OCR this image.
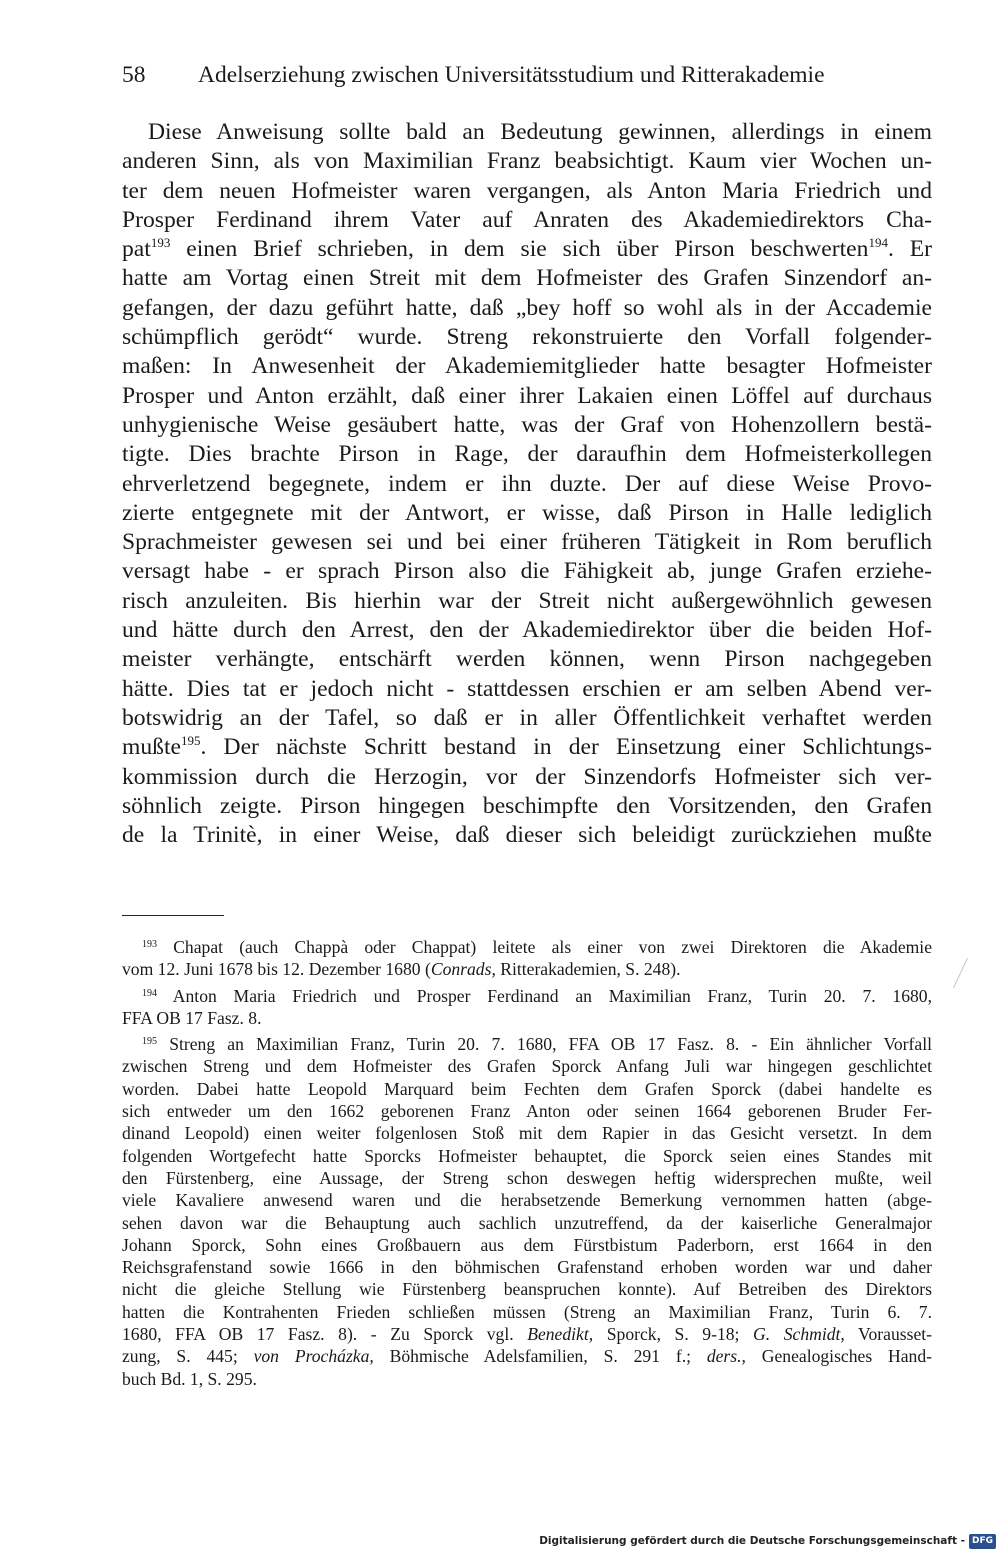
58 Adelserziehung zwischen Universitätsstudium und Ritterakademie
Diese Anweisung sollte bald an Bedeutung gewinnen, allerdings in einem
anderen Sinn, als von Maximilian Franz beabsichtigt. Kaum vier Wochen un-
ter dem neuen Hofmeister waren vergangen, als Anton Maria Friedrich und
Prosper Ferdinand ihrem Vater auf Anraten des Akademiedirektors Cha-
pat$^{193}$ einen Brief schrieben, in dem sie sich über Pirson beschwerten$^{194}$. Er
hatte am Vortag einen Streit mit dem Hofmeister des Grafen Sinzendorf an-
gefangen, der dazu geführt hatte, daß „bey hoff so wohl als in der Accademie
schümpflich gerödt“ wurde. Streng rekonstruierte den Vorfall folgender-
maßen: In Anwesenheit der Akademiemitglieder hatte besagter Hofmeister
Prosper und Anton erzählt, daß einer ihrer Lakaien einen Löffel auf durchaus
unhygienische Weise gesäubert hatte, was der Graf von Hohenzollern bestä-
tigte. Dies brachte Pirson in Rage, der daraufhin dem Hofmeisterkollegen
ehrverletzend begegnete, indem er ihn duzte. Der auf diese Weise Provo-
zierte entgegnete mit der Antwort, er wisse, daß Pirson in Halle lediglich
Sprachmeister gewesen sei und bei einer früheren Tätigkeit in Rom beruflich
versagt habe - er sprach Pirson also die Fähigkeit ab, junge Grafen erziehe-
risch anzuleiten. Bis hierhin war der Streit nicht außergewöhnlich gewesen
und hätte durch den Arrest, den der Akademiedirektor über die beiden Hof-
meister verhängte, entschärft werden können, wenn Pirson nachgegeben
hätte. Dies tat er jedoch nicht - stattdessen erschien er am selben Abend ver-
botswidrig an der Tafel, so daß er in aller Öffentlichkeit verhaftet werden
mußte$^{195}$. Der nächste Schritt bestand in der Einsetzung einer Schlichtungs-
kommission durch die Herzogin, vor der Sinzendorfs Hofmeister sich ver-
söhnlich zeigte. Pirson hingegen beschimpfte den Vorsitzenden, den Grafen
de la Trinitè, in einer Weise, daß dieser sich beleidigt zurückziehen mußte
$^{193}$ Chapat (auch Chappà oder Chappat) leitete als einer von zwei Direktoren die Akademie
vom 12. Juni 1678 bis 12. Dezember 1680 (Conrads, Ritterakademien, S. 248).
$^{194}$ Anton Maria Friedrich und Prosper Ferdinand an Maximilian Franz, Turin 20. 7. 1680,
FFA OB 17 Fasz. 8.
$^{195}$ Streng an Maximilian Franz, Turin 20. 7. 1680, FFA OB 17 Fasz. 8. - Ein ähnlicher Vorfall
zwischen Streng und dem Hofmeister des Grafen Sporck Anfang Juli war hingegen geschlichtet
worden. Dabei hatte Leopold Marquard beim Fechten dem Grafen Sporck (dabei handelte es
sich entweder um den 1662 geborenen Franz Anton oder seinen 1664 geborenen Bruder Fer-
dinand Leopold) einen weiter folgenlosen Stoß mit dem Rapier in das Gesicht versetzt. In dem
folgenden Wortgefecht hatte Sporcks Hofmeister behauptet, die Sporck seien eines Standes mit
den Fürstenberg, eine Aussage, der Streng schon deswegen heftig widersprechen mußte, weil
viele Kavaliere anwesend waren und die herabsetzende Bemerkung vernommen hatten (abge-
sehen davon war die Behauptung auch sachlich unzutreffend, da der kaiserliche Generalmajor
Johann Sporck, Sohn eines Großbauern aus dem Fürstbistum Paderborn, erst 1664 in den
Reichsgrafenstand sowie 1666 in den böhmischen Grafenstand erhoben worden war und daher
nicht die gleiche Stellung wie Fürstenberg beanspruchen konnte). Auf Betreiben des Direktors
hatten die Kontrahenten Frieden schließen müssen (Streng an Maximilian Franz, Turin 6. 7.
1680, FFA OB 17 Fasz. 8). - Zu Sporck vgl. Benedikt, Sporck, S. 9-18; G. Schmidt, Vorausset-
zung, S. 445; von Procházka, Böhmische Adelsfamilien, S. 291 f.; ders., Genealogisches Hand-
buch Bd. 1, S. 295.
Digitalisierung gefördert durch die Deutsche Forschungsgemeinschaft - DFG
